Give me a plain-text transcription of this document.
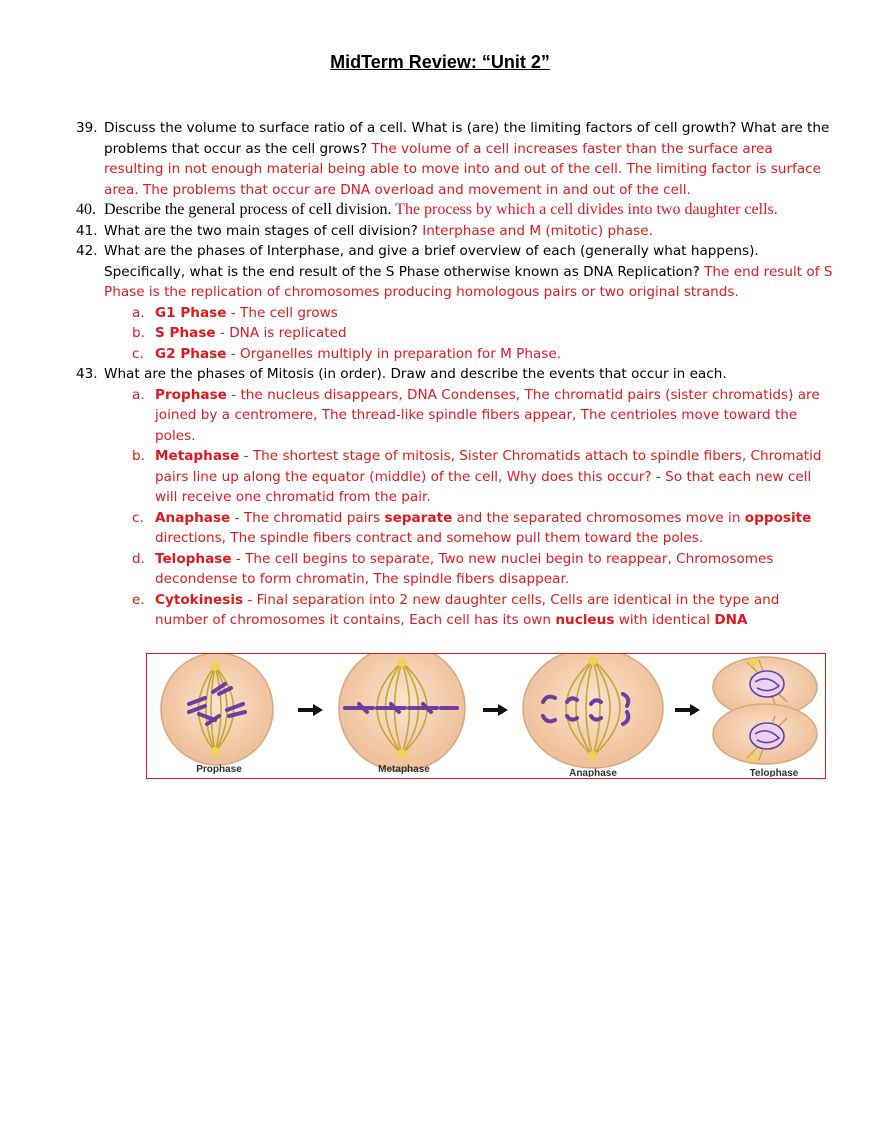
MidTerm Review: “Unit 2”
39. Discuss the volume to surface ratio of a cell. What is (are) the limiting factors of cell growth? What are the problems that occur as the cell grows? The volume of a cell increases faster than the surface area resulting in not enough material being able to move into and out of the cell. The limiting factor is surface area. The problems that occur are DNA overload and movement in and out of the cell.
40. Describe the general process of cell division. The process by which a cell divides into two daughter cells.
41. What are the two main stages of cell division? Interphase and M (mitotic) phase.
42. What are the phases of Interphase, and give a brief overview of each (generally what happens). Specifically, what is the end result of the S Phase otherwise known as DNA Replication? The end result of S Phase is the replication of chromosomes producing homologous pairs or two original strands.
a. G1 Phase - The cell grows
b. S Phase - DNA is replicated
c. G2 Phase - Organelles multiply in preparation for M Phase.
43. What are the phases of Mitosis (in order). Draw and describe the events that occur in each.
a. Prophase - the nucleus disappears, DNA Condenses, The chromatid pairs (sister chromatids) are joined by a centromere, The thread-like spindle fibers appear, The centrioles move toward the poles.
b. Metaphase - The shortest stage of mitosis, Sister Chromatids attach to spindle fibers, Chromatid pairs line up along the equator (middle) of the cell, Why does this occur? - So that each new cell will receive one chromatid from the pair.
c. Anaphase - The chromatid pairs separate and the separated chromosomes move in opposite directions, The spindle fibers contract and somehow pull them toward the poles.
d. Telophase - The cell begins to separate, Two new nuclei begin to reappear, Chromosomes decondense to form chromatin, The spindle fibers disappear.
e. Cytokinesis - Final separation into 2 new daughter cells, Cells are identical in the type and number of chromosomes it contains, Each cell has its own nucleus with identical DNA
Prophase	Metaphase	Anaphase	Telophase
